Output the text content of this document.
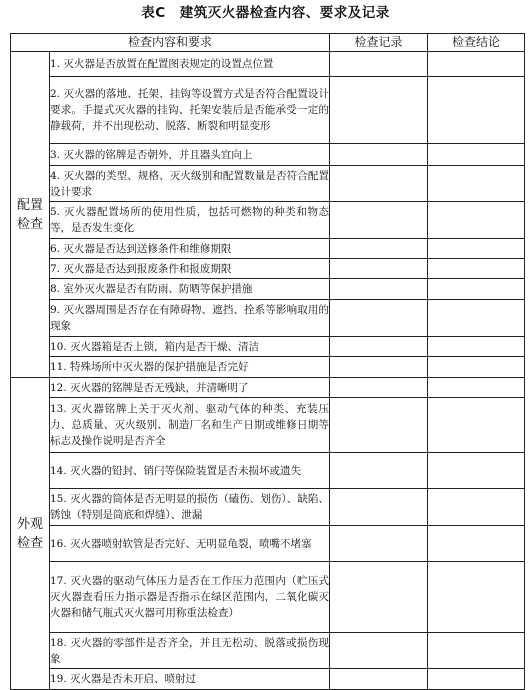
表C　建筑灭火器检查内容、要求及记录
检查内容和要求		检查记录	检查结论
配置检查	1. 灭火器是否放置在配置图表规定的设置点位置		
	2. 灭火器的落地、托架、挂钩等设置方式是否符合配置设计要求。手提式灭火器的挂钩、托架安装后是否能承受一定的静载荷，并不出现松动、脱落、断裂和明显变形		
	3. 灭火器的铭牌是否朝外，并且器头宜向上		
	4. 灭火器的类型、规格、灭火级别和配置数量是否符合配置设计要求		
	5. 灭火器配置场所的使用性质，包括可燃物的种类和物态等，是否发生变化		
	6. 灭火器是否达到送修条件和维修期限		
	7. 灭火器是否达到报废条件和报废期限		
	8. 室外灭火器是否有防雨、防晒等保护措施		
	9. 灭火器周围是否存在有障碍物、遮挡、拴系等影响取用的现象		
	10. 灭火器箱是否上锁，箱内是否干燥、清洁		
	11. 特殊场所中灭火器的保护措施是否完好		
外观检查	12. 灭火器的铭牌是否无残缺，并清晰明了		
	13. 灭火器铭牌上关于灭火剂、驱动气体的种类、充装压力、总质量、灭火级别、制造厂名和生产日期或维修日期等标志及操作说明是否齐全		
	14. 灭火器的铅封、销闩等保险装置是否未损坏或遗失		
	15. 灭火器的筒体是否无明显的损伤（磕伤、划伤）、缺陷、锈蚀（特别是筒底和焊缝）、泄漏		
	16. 灭火器喷射软管是否完好、无明显龟裂，喷嘴不堵塞		
	17. 灭火器的驱动气体压力是否在工作压力范围内（贮压式灭火器查看压力指示器是否指示在绿区范围内，二氧化碳灭火器和储气瓶式灭火器可用称重法检查）		
	18. 灭火器的零部件是否齐全，并且无松动、脱落或损伤现象		
	19. 灭火器是否未开启、喷射过		
